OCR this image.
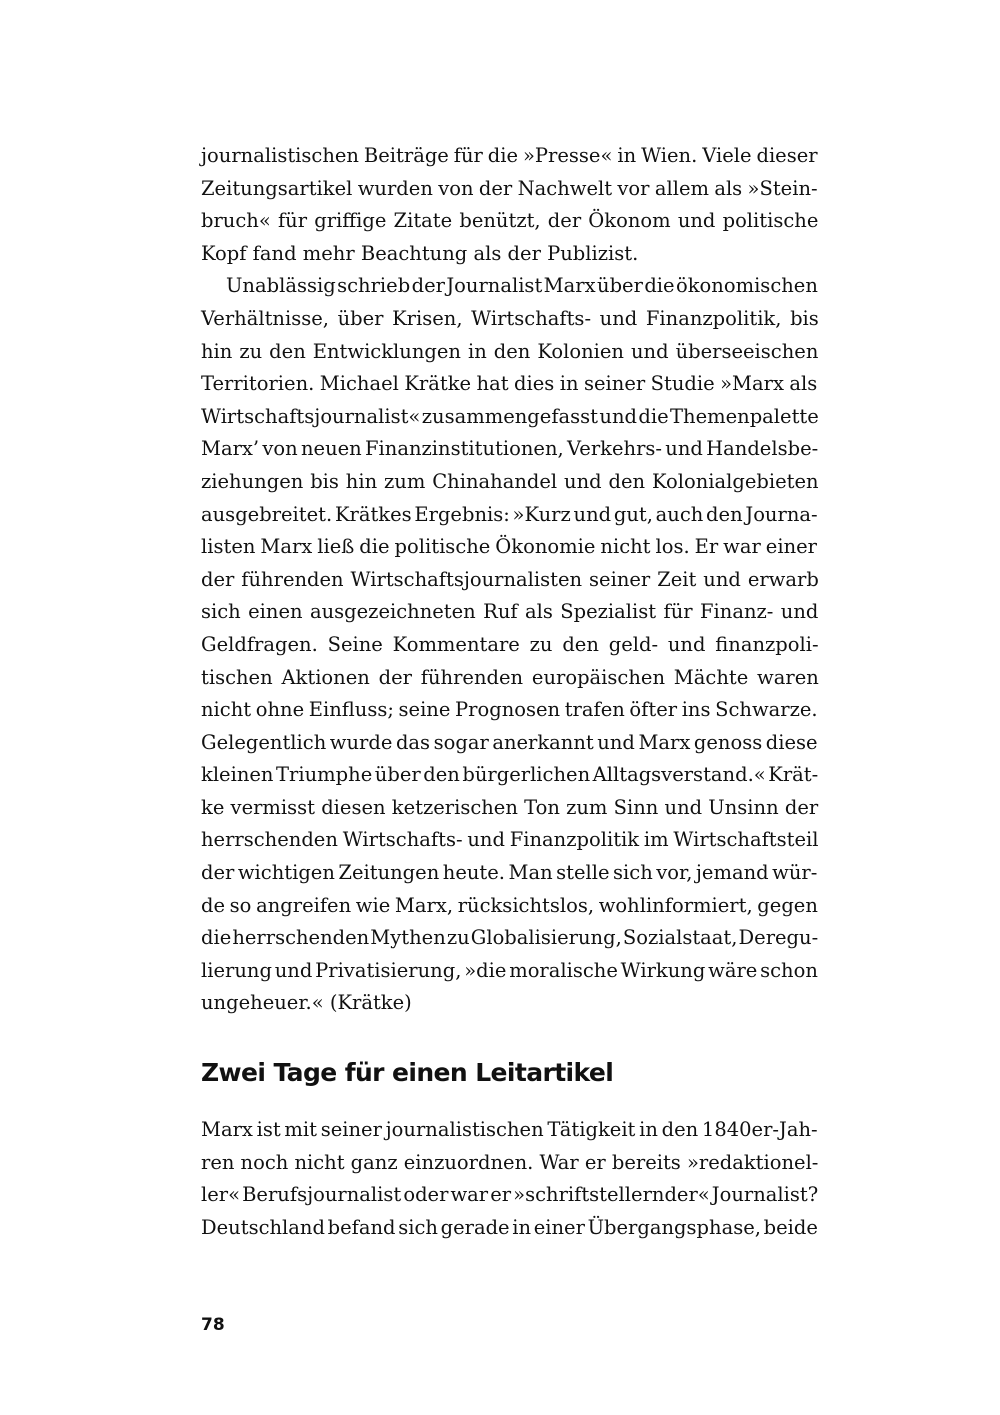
journalistischen Beiträge für die »Presse« in Wien. Viele dieser
Zeitungsartikel wurden von der Nachwelt vor allem als »Stein-
bruch« für griffige Zitate benützt, der Ökonom und politische
Kopf fand mehr Beachtung als der Publizist.
Unablässig schrieb der Journalist Marx über die ökonomischen
Verhältnisse, über Krisen, Wirtschafts- und Finanzpolitik, bis
hin zu den Entwicklungen in den Kolonien und überseeischen
Territorien. Michael Krätke hat dies in seiner Studie »Marx als
Wirtschaftsjournalist« zusammengefasst und die Themenpalette
Marx’ von neuen Finanzinstitutionen, Verkehrs- und Handelsbe-
ziehungen bis hin zum Chinahandel und den Kolonialgebieten
ausgebreitet. Krätkes Ergebnis: »Kurz und gut, auch den Journa-
listen Marx ließ die politische Ökonomie nicht los. Er war einer
der führenden Wirtschaftsjournalisten seiner Zeit und erwarb
sich einen ausgezeichneten Ruf als Spezialist für Finanz- und
Geldfragen. Seine Kommentare zu den geld- und finanzpoli-
tischen Aktionen der führenden europäischen Mächte waren
nicht ohne Einfluss; seine Prognosen trafen öfter ins Schwarze.
Gelegentlich wurde das sogar anerkannt und Marx genoss diese
kleinen Triumphe über den bürgerlichen Alltagsverstand.« Krät-
ke vermisst diesen ketzerischen Ton zum Sinn und Unsinn der
herrschenden Wirtschafts- und Finanzpolitik im Wirtschaftsteil
der wichtigen Zeitungen heute. Man stelle sich vor, jemand wür-
de so angreifen wie Marx, rücksichtslos, wohlinformiert, gegen
die herrschenden Mythen zu Globalisierung, Sozialstaat, Deregu-
lierung und Privatisierung, »die moralische Wirkung wäre schon
ungeheuer.« (Krätke)
Zwei Tage für einen Leitartikel
Marx ist mit seiner journalistischen Tätigkeit in den 1840er-Jah-
ren noch nicht ganz einzuordnen. War er bereits »redaktionel-
ler« Berufsjournalist oder war er »schriftstellernder« Journalist?
Deutschland befand sich gerade in einer Übergangsphase, beide
78
